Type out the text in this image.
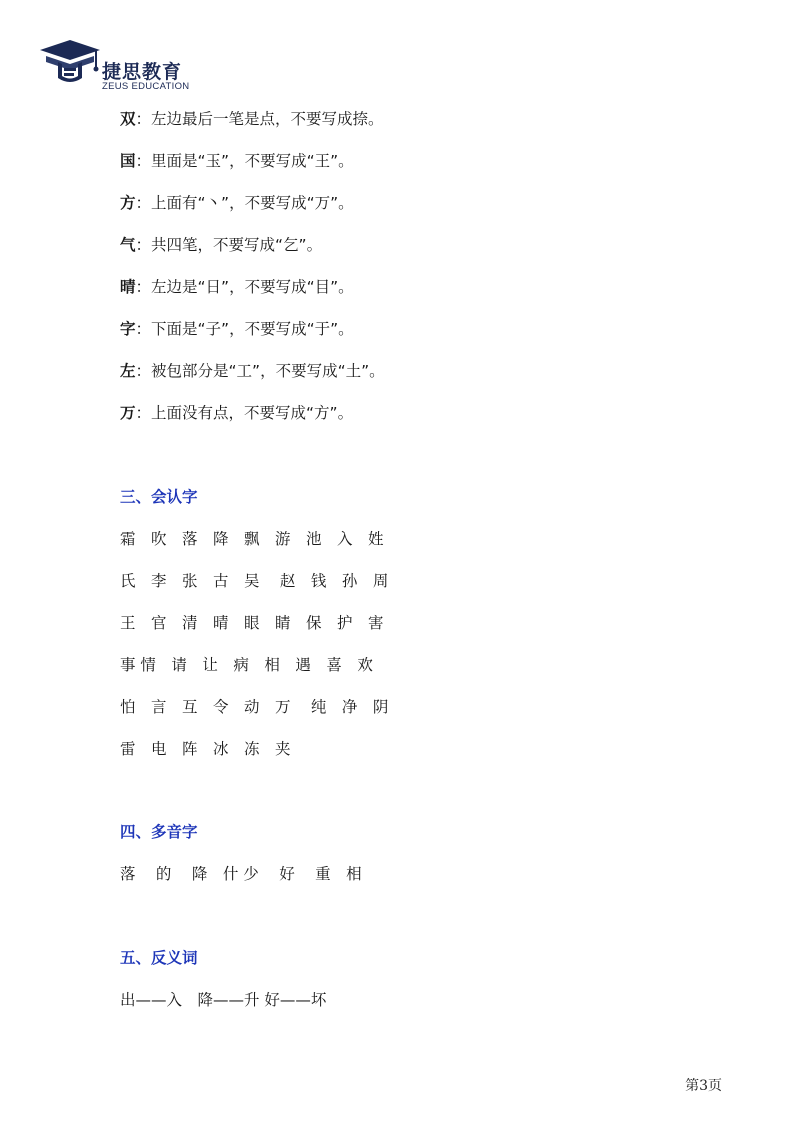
捷思教育
ZEUS EDUCATION
双：左边最后一笔是点，不要写成捺。
国：里面是“玉”，不要写成“王”。
方：上面有“丶”，不要写成“万”。
气：共四笔，不要写成“乞”。
晴：左边是“日”，不要写成“目”。
字：下面是“子”，不要写成“于”。
左：被包部分是“工”，不要写成“土”。
万：上面没有点，不要写成“方”。
三、会认字
霜　吹　落　降　飘　游　池　入　姓
氏　李　张　古　吴　 赵　钱　孙　周
王　官　清　晴　眼　睛　保　护　害
事 情　请　让　病　相　遇　喜　欢
怕　言　互　令　动　万 　纯　净　阴
雷　电　阵　冰　冻　夹
四、多音字
落　 的　 降　什 少　 好　 重　相
五、反义词
出——入　降——升 好——坏
第3页
